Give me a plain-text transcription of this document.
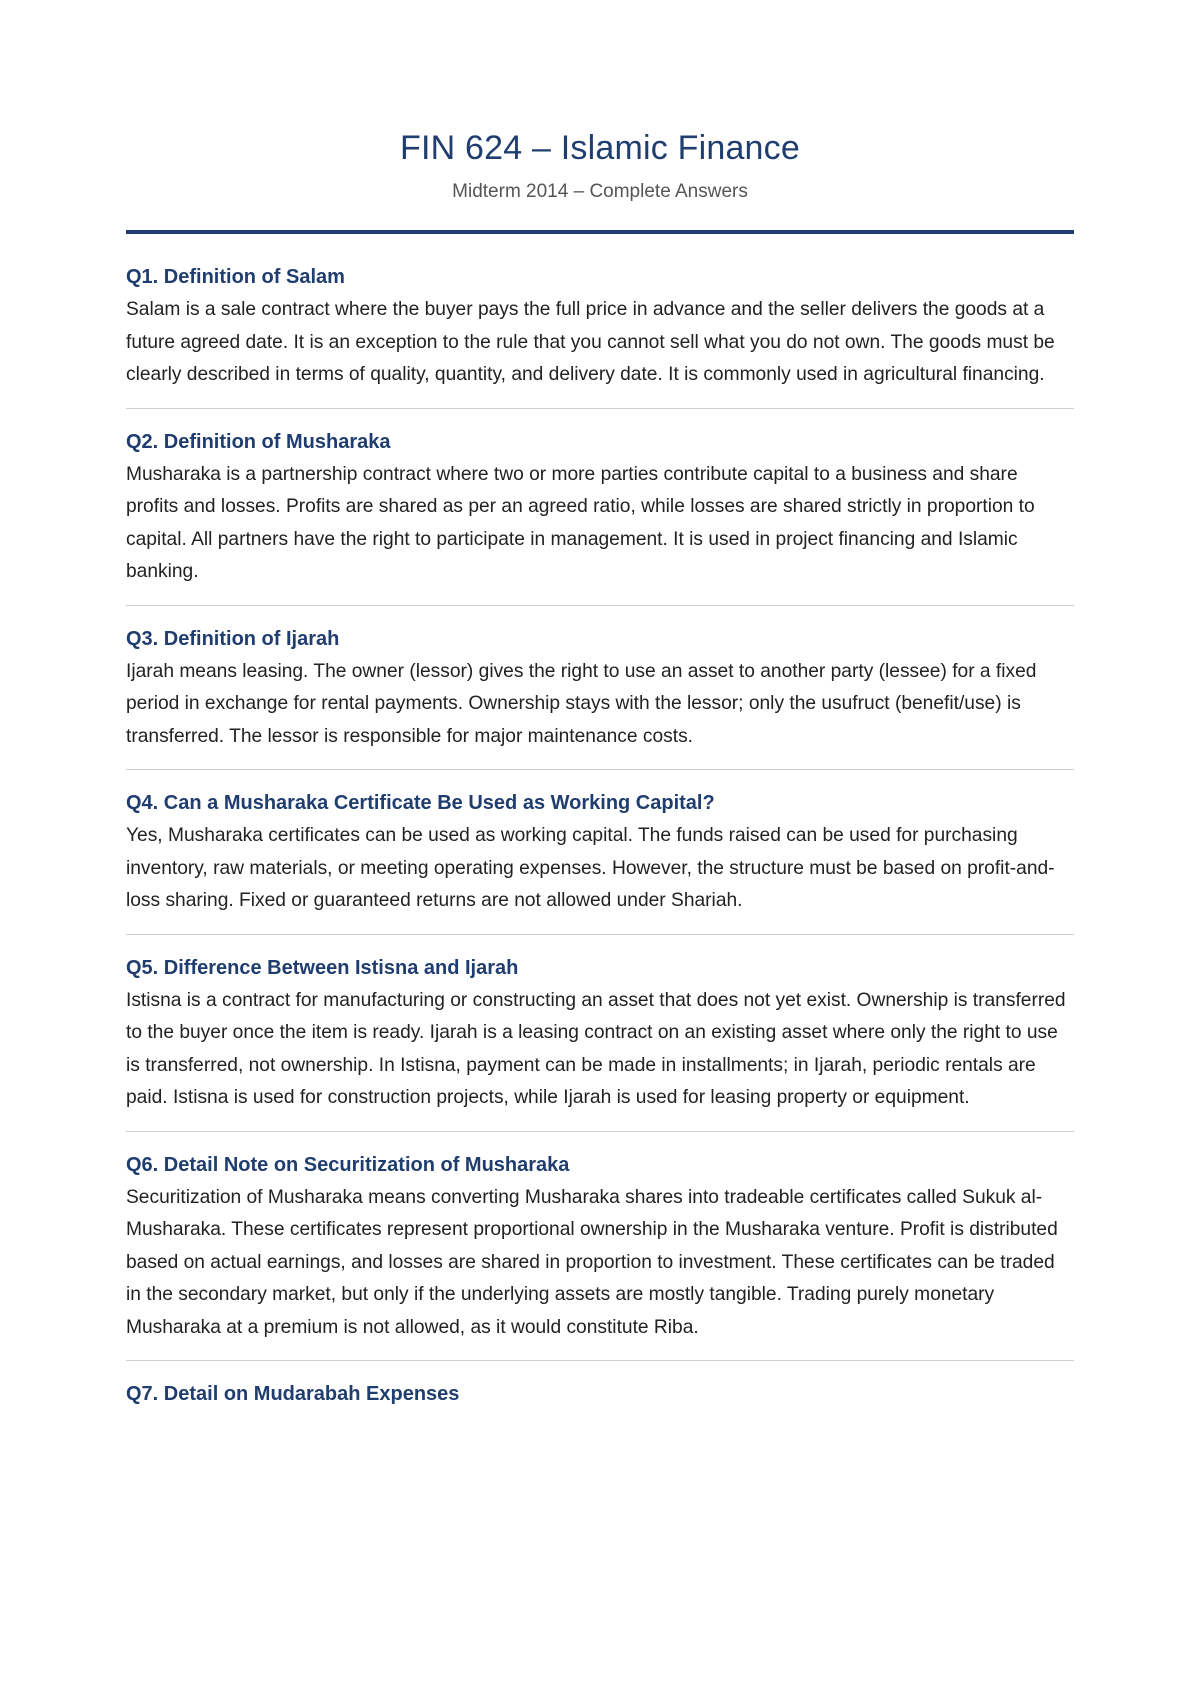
FIN 624 – Islamic Finance

Midterm 2014 – Complete Answers

Q1. Definition of Salam

Salam is a sale contract where the buyer pays the full price in advance and the seller delivers the goods at a future agreed date. It is an exception to the rule that you cannot sell what you do not own. The goods must be clearly described in terms of quality, quantity, and delivery date. It is commonly used in agricultural financing.

Q2. Definition of Musharaka

Musharaka is a partnership contract where two or more parties contribute capital to a business and share profits and losses. Profits are shared as per an agreed ratio, while losses are shared strictly in proportion to capital. All partners have the right to participate in management. It is used in project financing and Islamic banking.

Q3. Definition of Ijarah

Ijarah means leasing. The owner (lessor) gives the right to use an asset to another party (lessee) for a fixed period in exchange for rental payments. Ownership stays with the lessor; only the usufruct (benefit/use) is transferred. The lessor is responsible for major maintenance costs.

Q4. Can a Musharaka Certificate Be Used as Working Capital?

Yes, Musharaka certificates can be used as working capital. The funds raised can be used for purchasing inventory, raw materials, or meeting operating expenses. However, the structure must be based on profit-and-loss sharing. Fixed or guaranteed returns are not allowed under Shariah.

Q5. Difference Between Istisna and Ijarah

Istisna is a contract for manufacturing or constructing an asset that does not yet exist. Ownership is transferred to the buyer once the item is ready. Ijarah is a leasing contract on an existing asset where only the right to use is transferred, not ownership. In Istisna, payment can be made in installments; in Ijarah, periodic rentals are paid. Istisna is used for construction projects, while Ijarah is used for leasing property or equipment.

Q6. Detail Note on Securitization of Musharaka

Securitization of Musharaka means converting Musharaka shares into tradeable certificates called Sukuk al-Musharaka. These certificates represent proportional ownership in the Musharaka venture. Profit is distributed based on actual earnings, and losses are shared in proportion to investment. These certificates can be traded in the secondary market, but only if the underlying assets are mostly tangible. Trading purely monetary Musharaka at a premium is not allowed, as it would constitute Riba.

Q7. Detail on Mudarabah Expenses
